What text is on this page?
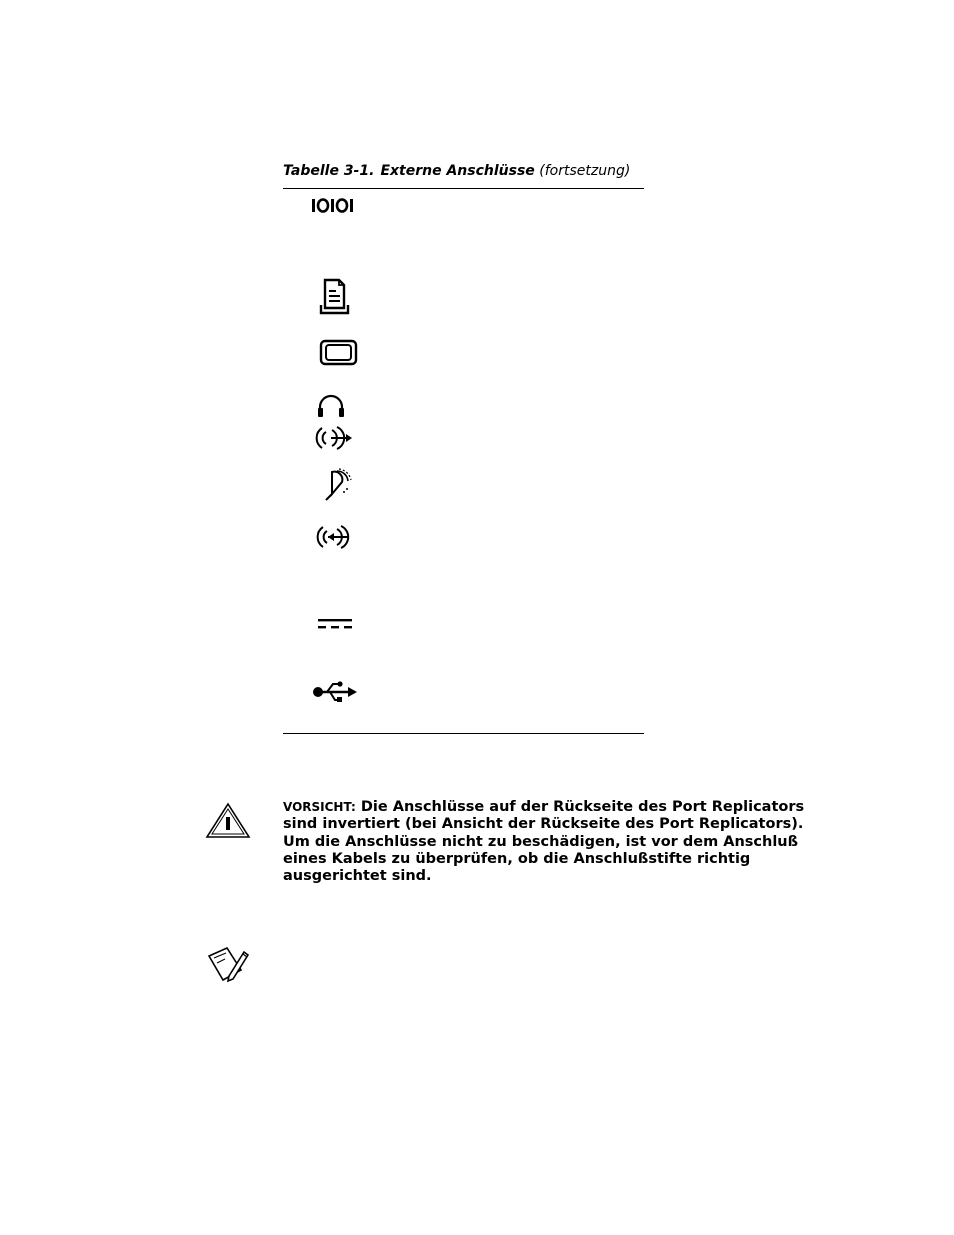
Tabelle 3-1. Externe Anschlüsse (fortsetzung)
VORSICHT: Die Anschlüsse auf der Rückseite des Port Replicators sind invertiert (bei Ansicht der Rückseite des Port Replicators). Um die Anschlüsse nicht zu beschädigen, ist vor dem Anschluß eines Kabels zu überprüfen, ob die Anschlußstifte richtig ausgerichtet sind.
